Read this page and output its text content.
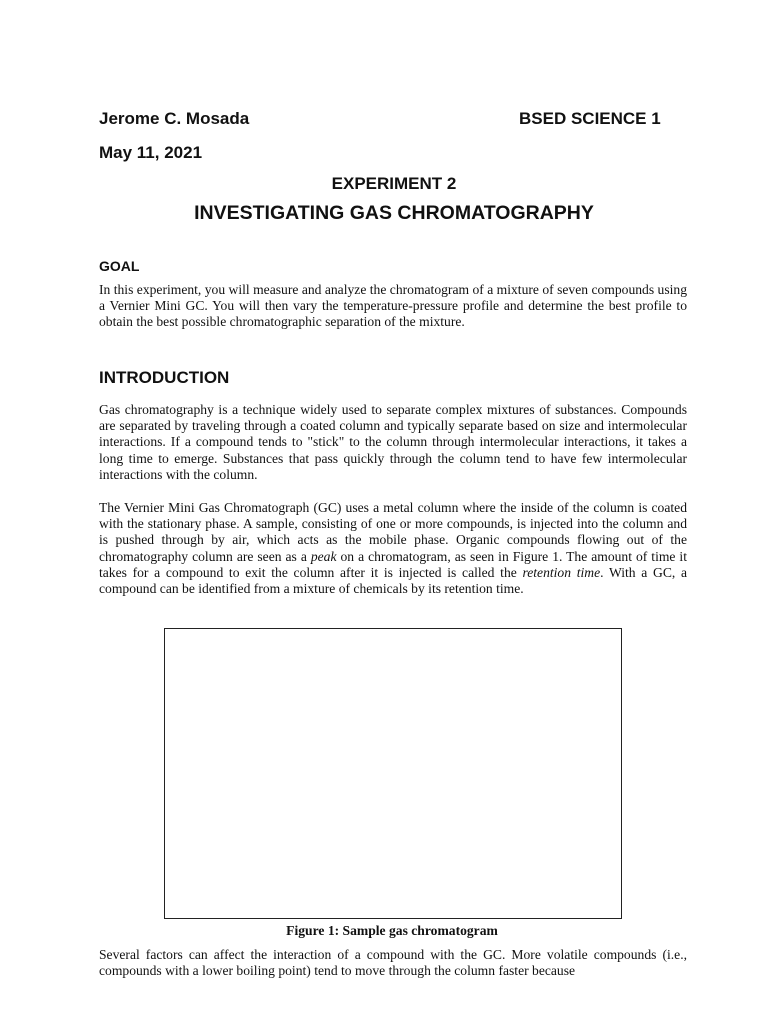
Jerome C. Mosada	BSED SCIENCE 1
May 11, 2021
EXPERIMENT 2
INVESTIGATING GAS CHROMATOGRAPHY
GOAL
In this experiment, you will measure and analyze the chromatogram of a mixture of seven compounds using a Vernier Mini GC. You will then vary the temperature-pressure profile and determine the best profile to obtain the best possible chromatographic separation of the mixture.
INTRODUCTION
Gas chromatography is a technique widely used to separate complex mixtures of substances. Compounds are separated by traveling through a coated column and typically separate based on size and intermolecular interactions. If a compound tends to "stick" to the column through intermolecular interactions, it takes a long time to emerge. Substances that pass quickly through the column tend to have few intermolecular interactions with the column.
The Vernier Mini Gas Chromatograph (GC) uses a metal column where the inside of the column is coated with the stationary phase. A sample, consisting of one or more compounds, is injected into the column and is pushed through by air, which acts as the mobile phase. Organic compounds flowing out of the chromatography column are seen as a peak on a chromatogram, as seen in Figure 1. The amount of time it takes for a compound to exit the column after it is injected is called the retention time. With a GC, a compound can be identified from a mixture of chemicals by its retention time.
Figure 1: Sample gas chromatogram
Several factors can affect the interaction of a compound with the GC. More volatile compounds (i.e., compounds with a lower boiling point) tend to move through the column faster because
